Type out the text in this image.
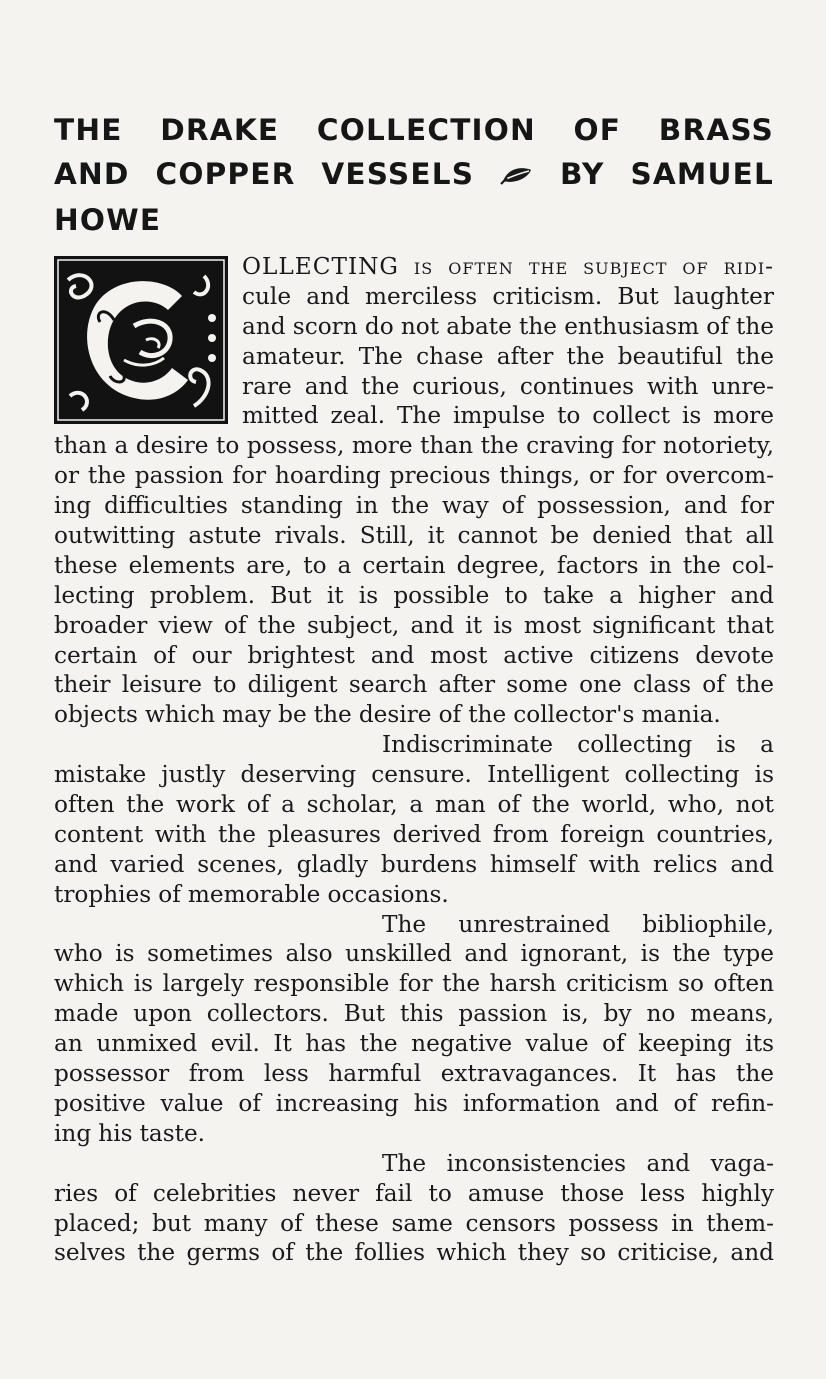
THE DRAKE COLLECTION OF BRASS
AND COPPER VESSELS	BY SAMUEL
HOWE
OLLECTING is often the subject of ridi-
cule and merciless criticism. But laughter
and scorn do not abate the enthusiasm of the
amateur. The chase after the beautiful the
rare and the curious, continues with unre-
mitted zeal. The impulse to collect is more
than a desire to possess, more than the craving for notoriety,
or the passion for hoarding precious things, or for overcom-
ing difficulties standing in the way of possession, and for
outwitting astute rivals. Still, it cannot be denied that all
these elements are, to a certain degree, factors in the col-
lecting problem. But it is possible to take a higher and
broader view of the subject, and it is most significant that
certain of our brightest and most active citizens devote
their leisure to diligent search after some one class of the
objects which may be the desire of the collector's mania.
Indiscriminate collecting is a
mistake justly deserving censure. Intelligent collecting is
often the work of a scholar, a man of the world, who, not
content with the pleasures derived from foreign countries,
and varied scenes, gladly burdens himself with relics and
trophies of memorable occasions.
The unrestrained bibliophile,
who is sometimes also unskilled and ignorant, is the type
which is largely responsible for the harsh criticism so often
made upon collectors. But this passion is, by no means,
an unmixed evil. It has the negative value of keeping its
possessor from less harmful extravagances. It has the
positive value of increasing his information and of refin-
ing his taste.
The inconsistencies and vaga-
ries of celebrities never fail to amuse those less highly
placed; but many of these same censors possess in them-
selves the germs of the follies which they so criticise, and
